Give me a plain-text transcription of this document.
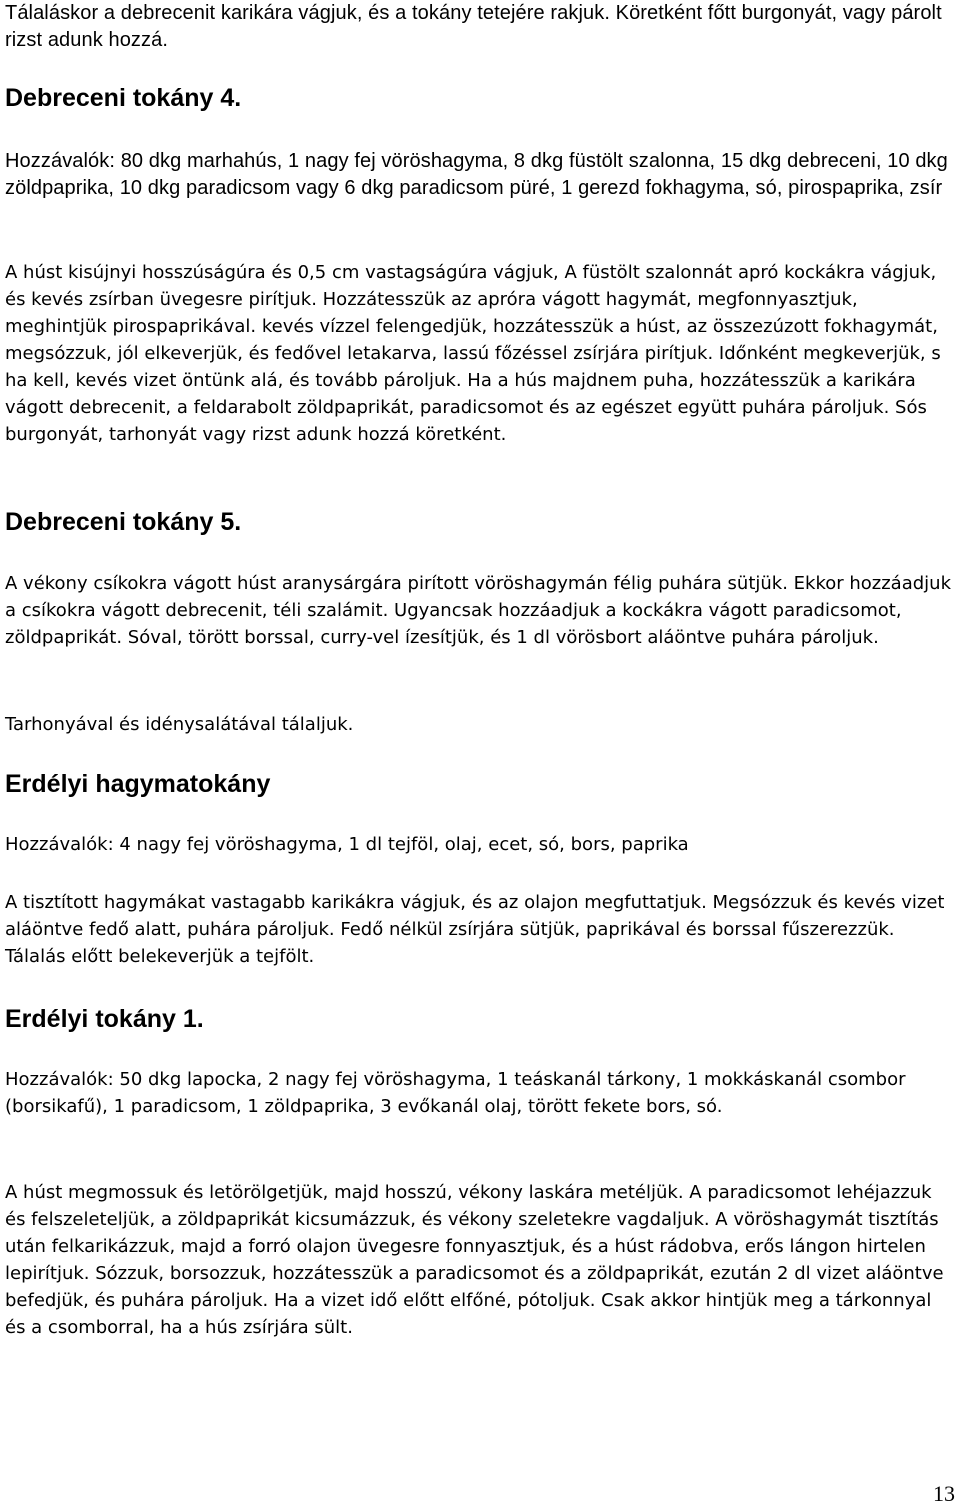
Tálaláskor a debrecenit karikára vágjuk, és a tokány tetejére rakjuk. Köretként főtt burgonyát, vagy párolt rizst adunk hozzá.

Debreceni tokány 4.

Hozzávalók: 80 dkg marhahús, 1 nagy fej vöröshagyma, 8 dkg füstölt szalonna, 15 dkg debreceni, 10 dkg zöldpaprika, 10 dkg paradicsom vagy 6 dkg paradicsom püré, 1 gerezd fokhagyma, só, pirospaprika, zsír

A húst kisújnyi hosszúságúra és 0,5 cm vastagságúra vágjuk, A füstölt szalonnát apró kockákra vágjuk, és kevés zsírban üvegesre pirítjuk. Hozzátesszük az apróra vágott hagymát, megfonnyasztjuk, meghintjük pirospaprikával. kevés vízzel felengedjük, hozzátesszük a húst, az összezúzott fokhagymát, megsózzuk, jól elkeverjük, és fedővel letakarva, lassú főzéssel zsírjára pirítjuk. Időnként megkeverjük, s ha kell, kevés vizet öntünk alá, és tovább pároljuk. Ha a hús majdnem puha, hozzátesszük a karikára vágott debrecenit, a feldarabolt zöldpaprikát, paradicsomot és az egészet együtt puhára pároljuk. Sós burgonyát, tarhonyát vagy rizst adunk hozzá köretként.

Debreceni tokány 5.

A vékony csíkokra vágott húst aranysárgára pirított vöröshagymán félig puhára sütjük. Ekkor hozzáadjuk a csíkokra vágott debrecenit, téli szalámit. Ugyancsak hozzáadjuk a kockákra vágott paradicsomot, zöldpaprikát. Sóval, törött borssal, curry-vel ízesítjük, és 1 dl vörösbort aláöntve puhára pároljuk.

Tarhonyával és idénysalátával tálaljuk.

Erdélyi hagymatokány

Hozzávalók: 4 nagy fej vöröshagyma, 1 dl tejföl, olaj, ecet, só, bors, paprika

A tisztított hagymákat vastagabb karikákra vágjuk, és az olajon megfuttatjuk. Megsózzuk és kevés vizet aláöntve fedő alatt, puhára pároljuk. Fedő nélkül zsírjára sütjük, paprikával és borssal fűszerezzük. Tálalás előtt belekeverjük a tejfölt.

Erdélyi tokány 1.

Hozzávalók: 50 dkg lapocka, 2 nagy fej vöröshagyma, 1 teáskanál tárkony, 1 mokkáskanál csombor (borsikafű), 1 paradicsom, 1 zöldpaprika, 3 evőkanál olaj, törött fekete bors, só.

A húst megmossuk és letörölgetjük, majd hosszú, vékony laskára metéljük. A paradicsomot lehéjazzuk és felszeleteljük, a zöldpaprikát kicsumázzuk, és vékony szeletekre vagdaljuk. A vöröshagymát tisztítás után felkarikázzuk, majd a forró olajon üvegesre fonnyasztjuk, és a húst rádobva, erős lángon hirtelen lepirítjuk. Sózzuk, borsozzuk, hozzátesszük a paradicsomot és a zöldpaprikát, ezután 2 dl vizet aláöntve befedjük, és puhára pároljuk. Ha a vizet idő előtt elfőné, pótoljuk. Csak akkor hintjük meg a tárkonnyal és a csomborral, ha a hús zsírjára sült.

13
